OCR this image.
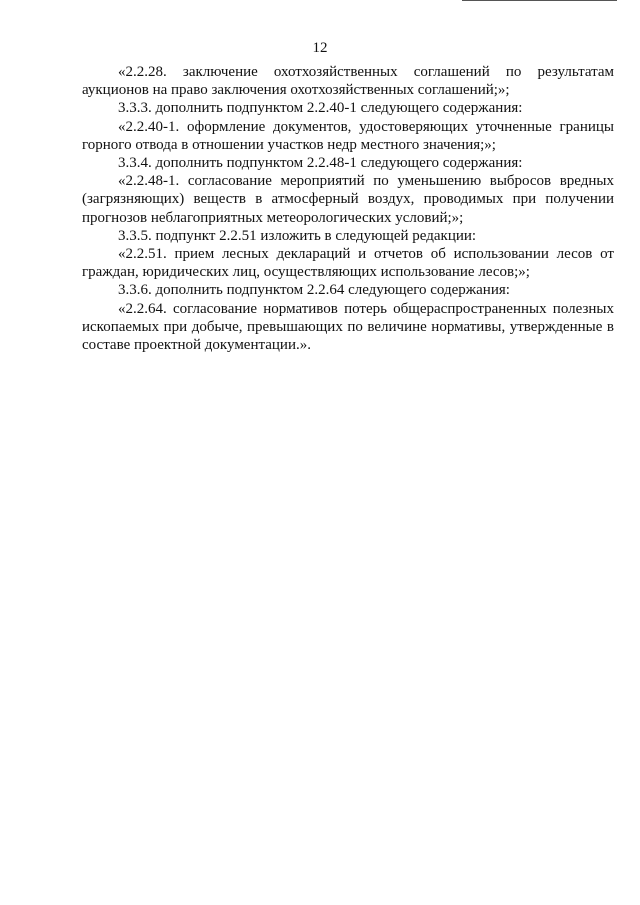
12

«2.2.28. заключение охотхозяйственных соглашений по результатам аукционов на право заключения охотхозяйственных соглашений;»;

3.3.3. дополнить подпунктом 2.2.40-1 следующего содержания:

«2.2.40-1. оформление документов, удостоверяющих уточненные границы горного отвода в отношении участков недр местного значения;»;

3.3.4. дополнить подпунктом 2.2.48-1 следующего содержания:

«2.2.48-1. согласование мероприятий по уменьшению выбросов вредных (загрязняющих) веществ в атмосферный воздух, проводимых при получении прогнозов неблагоприятных метеорологических условий;»;

3.3.5. подпункт 2.2.51 изложить в следующей редакции:

«2.2.51. прием лесных деклараций и отчетов об использовании лесов от граждан, юридических лиц, осуществляющих использование лесов;»;

3.3.6. дополнить подпунктом 2.2.64 следующего содержания:

«2.2.64. согласование нормативов потерь общераспространенных полезных ископаемых при добыче, превышающих по величине нормативы, утвержденные в составе проектной документации.».
